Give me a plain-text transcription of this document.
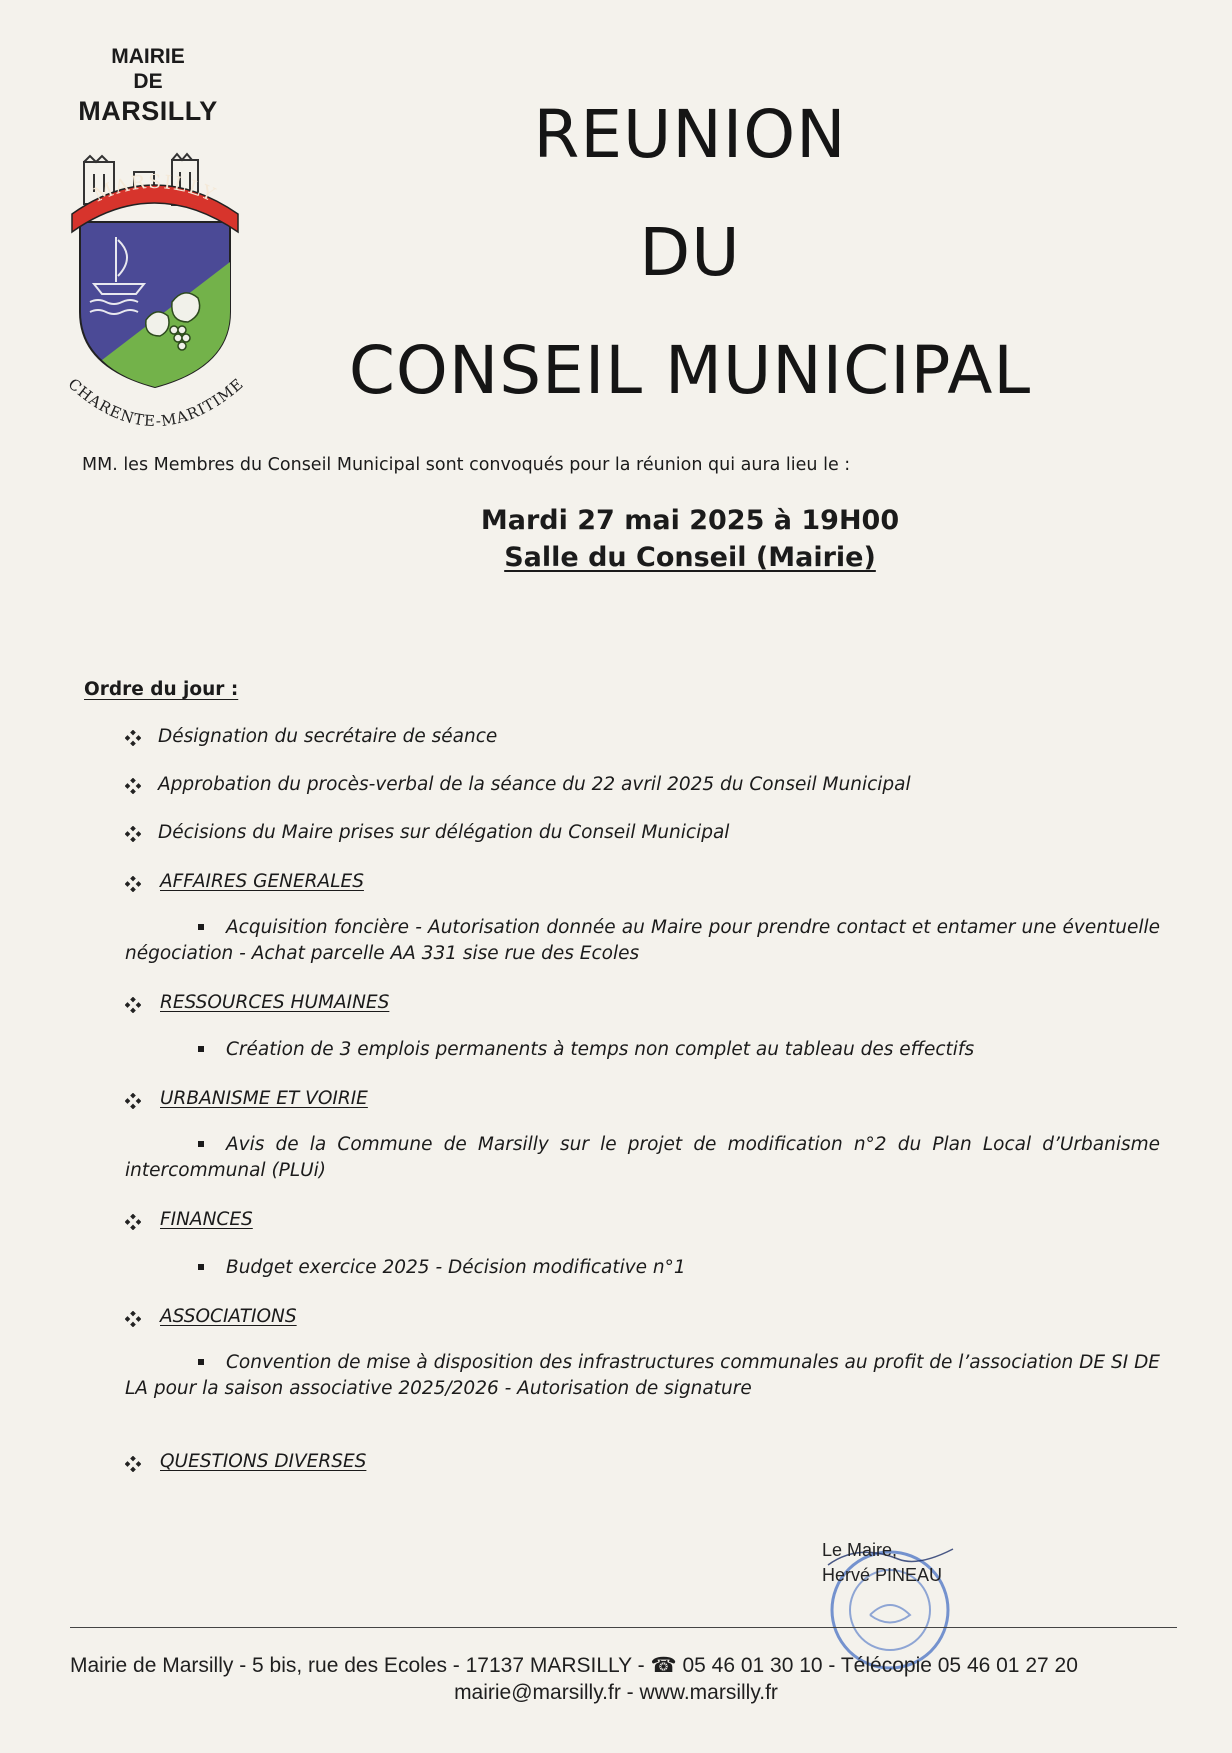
MAIRIE
DE
MARSILLY
MARSILLY
CHARENTE-MARITIME
REUNION
DU
CONSEIL MUNICIPAL
MM. les Membres du Conseil Municipal sont convoqués pour la réunion qui aura lieu le :
Mardi 27 mai 2025 à 19H00
Salle du Conseil (Mairie)
Ordre du jour :
Désignation du secrétaire de séance
Approbation du procès-verbal de la séance du 22 avril 2025 du Conseil Municipal
Décisions du Maire prises sur délégation du Conseil Municipal
AFFAIRES GENERALES
Acquisition foncière - Autorisation donnée au Maire pour prendre contact et entamer une éventuelle négociation - Achat parcelle AA 331 sise rue des Ecoles
RESSOURCES HUMAINES
Création de 3 emplois permanents à temps non complet au tableau des effectifs
URBANISME ET VOIRIE
Avis de la Commune de Marsilly sur le projet de modification n°2 du Plan Local d’Urbanisme intercommunal (PLUi)
FINANCES
Budget exercice 2025 - Décision modificative n°1
ASSOCIATIONS
Convention de mise à disposition des infrastructures communales au profit de l’association DE SI DE LA pour la saison associative 2025/2026 - Autorisation de signature
QUESTIONS DIVERSES
Le Maire,
Hervé PINEAU
Mairie de Marsilly - 5 bis, rue des Ecoles - 17137 MARSILLY - ☎ 05 46 01 30 10 - Télécopie 05 46 01 27 20
mairie@marsilly.fr - www.marsilly.fr
